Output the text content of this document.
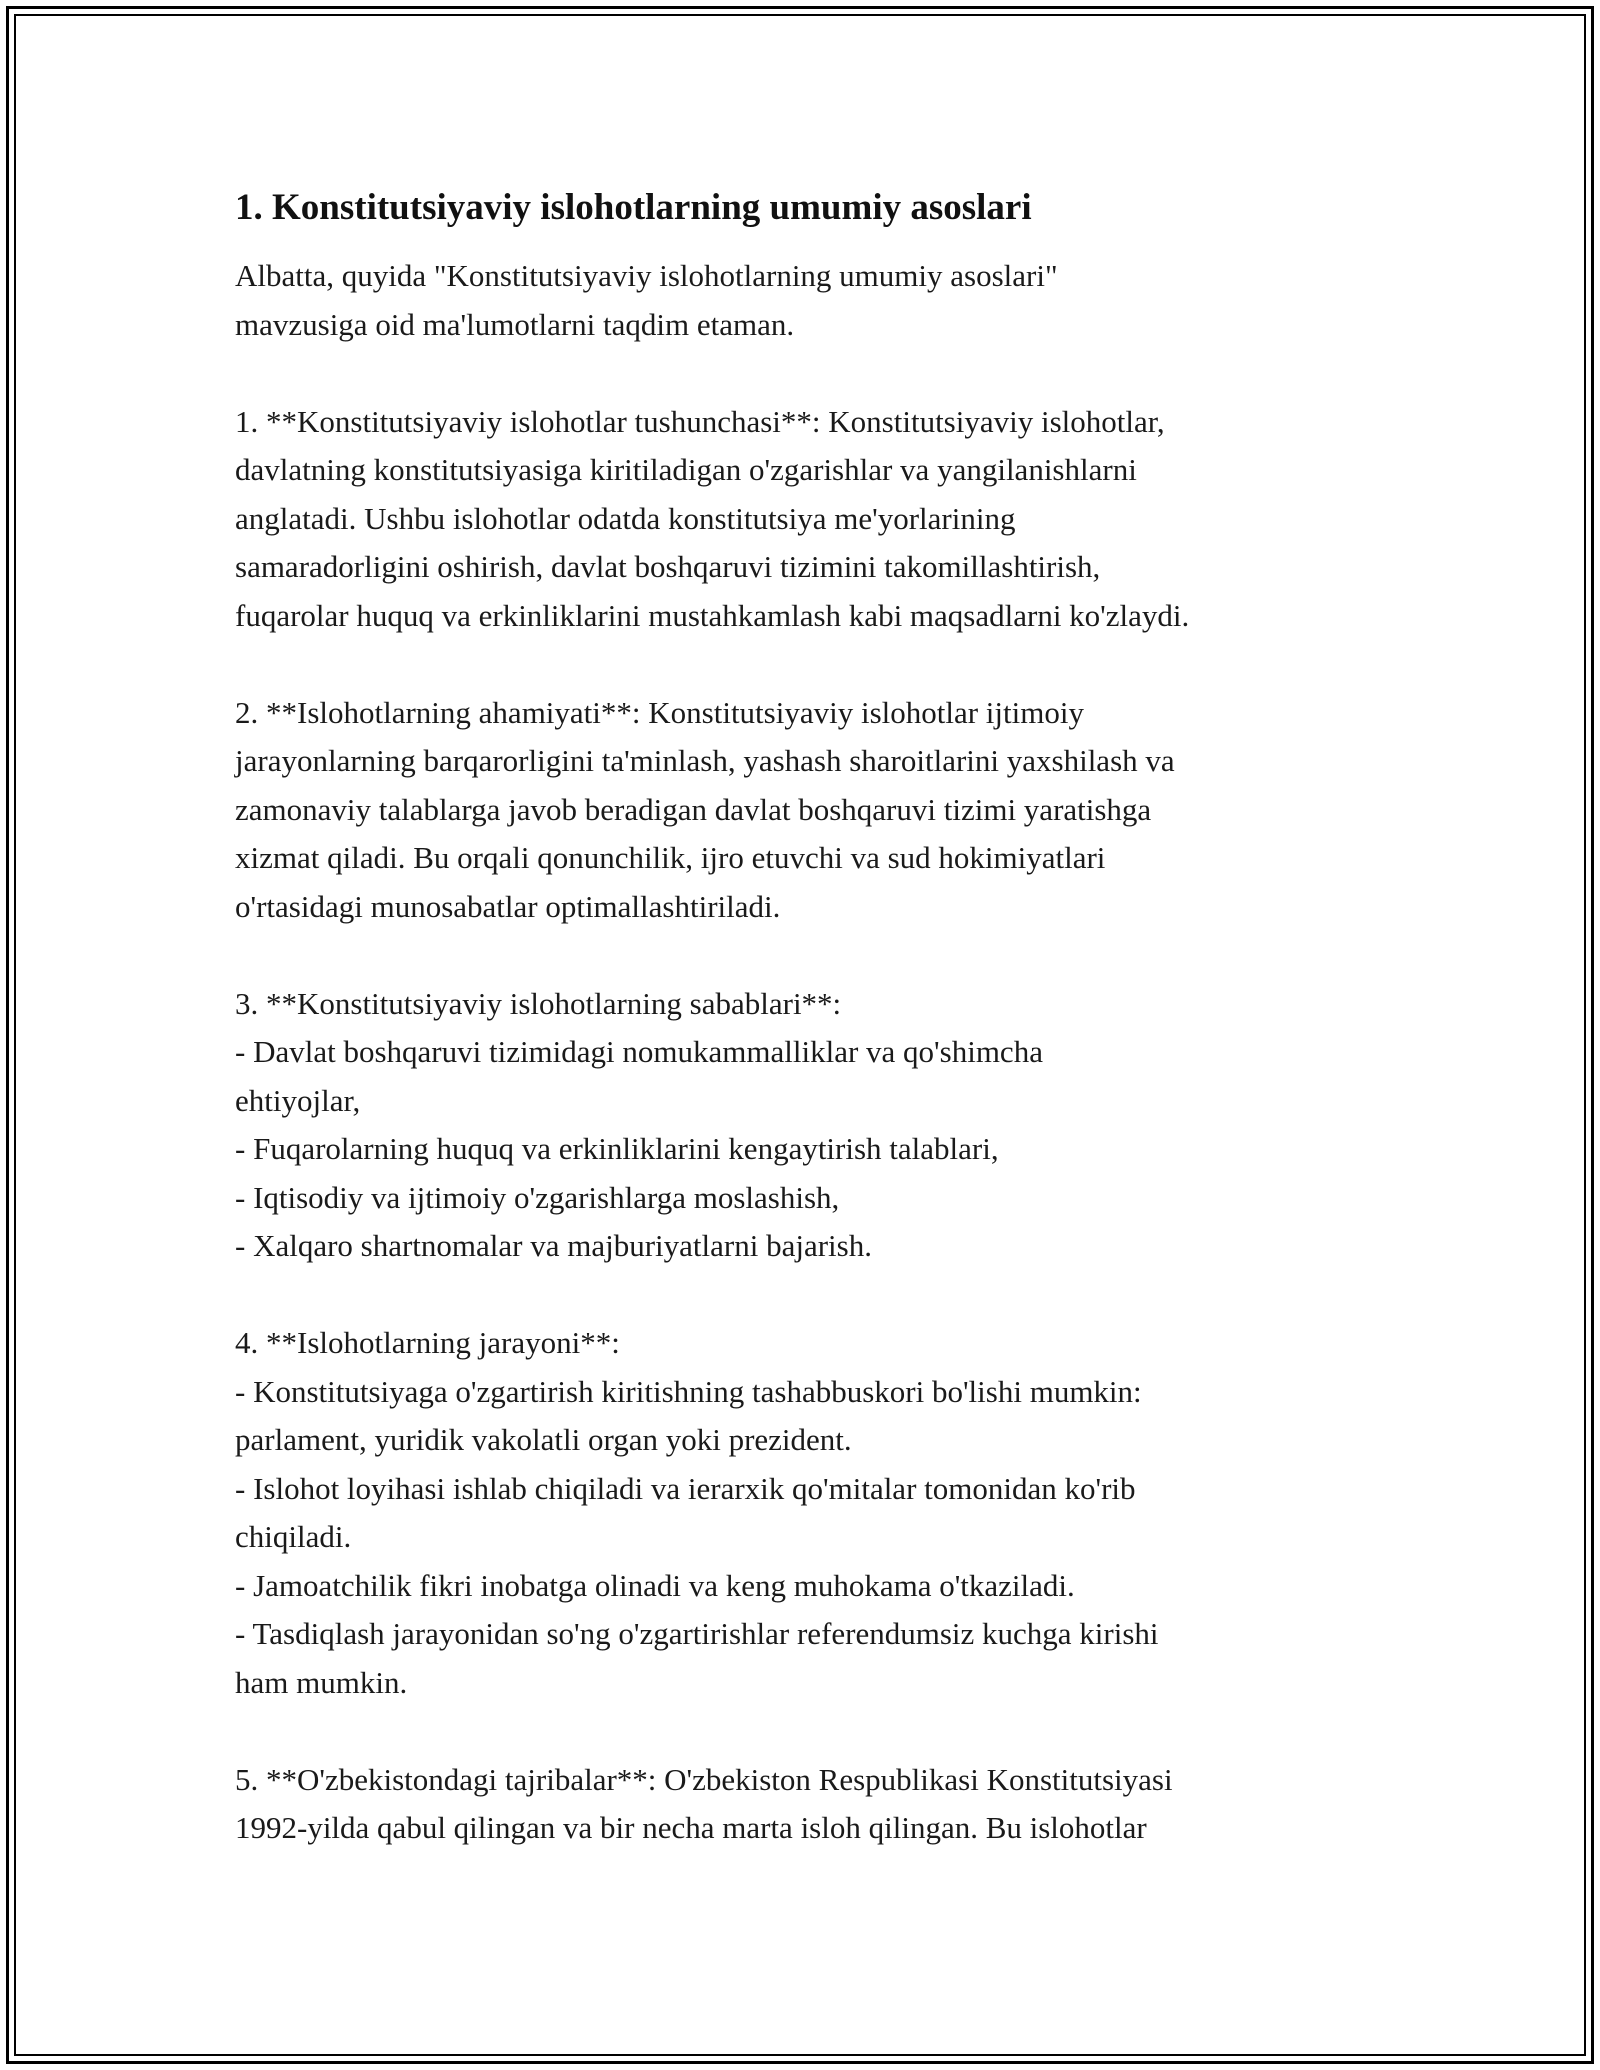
1. Konstitutsiyaviy islohotlarning umumiy asoslari

Albatta, quyida "Konstitutsiyaviy islohotlarning umumiy asoslari"
mavzusiga oid ma'lumotlarni taqdim etaman.

1. **Konstitutsiyaviy islohotlar tushunchasi**: Konstitutsiyaviy islohotlar,
davlatning konstitutsiyasiga kiritiladigan o'zgarishlar va yangilanishlarni
anglatadi. Ushbu islohotlar odatda konstitutsiya me'yorlarining
samaradorligini oshirish, davlat boshqaruvi tizimini takomillashtirish,
fuqarolar huquq va erkinliklarini mustahkamlash kabi maqsadlarni ko'zlaydi.

2. **Islohotlarning ahamiyati**: Konstitutsiyaviy islohotlar ijtimoiy
jarayonlarning barqarorligini ta'minlash, yashash sharoitlarini yaxshilash va
zamonaviy talablarga javob beradigan davlat boshqaruvi tizimi yaratishga
xizmat qiladi. Bu orqali qonunchilik, ijro etuvchi va sud hokimiyatlari
o'rtasidagi munosabatlar optimallashtiriladi.

3. **Konstitutsiyaviy islohotlarning sabablari**:
- Davlat boshqaruvi tizimidagi nomukammalliklar va qo'shimcha
ehtiyojlar,
- Fuqarolarning huquq va erkinliklarini kengaytirish talablari,
- Iqtisodiy va ijtimoiy o'zgarishlarga moslashish,
- Xalqaro shartnomalar va majburiyatlarni bajarish.

4. **Islohotlarning jarayoni**:
- Konstitutsiyaga o'zgartirish kiritishning tashabbuskori bo'lishi mumkin:
parlament, yuridik vakolatli organ yoki prezident.
- Islohot loyihasi ishlab chiqiladi va ierarxik qo'mitalar tomonidan ko'rib
chiqiladi.
- Jamoatchilik fikri inobatga olinadi va keng muhokama o'tkaziladi.
- Tasdiqlash jarayonidan so'ng o'zgartirishlar referendumsiz kuchga kirishi
ham mumkin.

5. **O'zbekistondagi tajribalar**: O'zbekiston Respublikasi Konstitutsiyasi
1992-yilda qabul qilingan va bir necha marta isloh qilingan. Bu islohotlar
